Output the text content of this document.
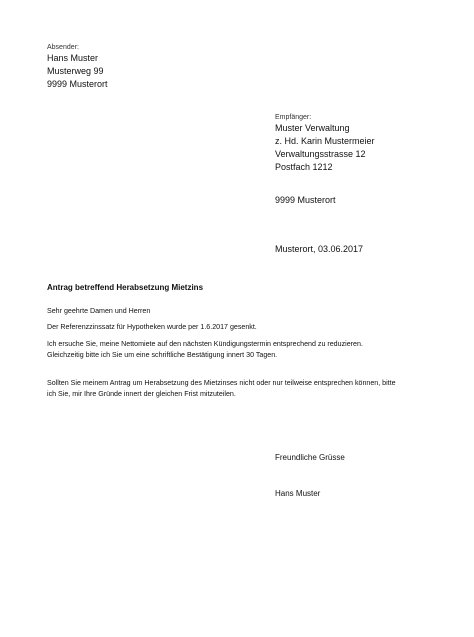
Absender:
Hans Muster
Musterweg 99
9999 Musterort
Empfänger:
Muster Verwaltung
z. Hd. Karin Mustermeier
Verwaltungsstrasse 12
Postfach 1212
9999 Musterort
Musterort, 03.06.2017
Antrag betreffend Herabsetzung Mietzins
Sehr geehrte Damen und Herren
Der Referenzzinssatz für Hypotheken wurde per 1.6.2017 gesenkt.
Ich ersuche Sie, meine Nettomiete auf den nächsten Kündigungstermin entsprechend zu reduzieren.
Gleichzeitig bitte ich Sie um eine schriftliche Bestätigung innert 30 Tagen.
Sollten Sie meinem Antrag um Herabsetzung des Mietzinses nicht oder nur teilweise entsprechen können, bitte
ich Sie, mir Ihre Gründe innert der gleichen Frist mitzuteilen.
Freundliche Grüsse
Hans Muster
